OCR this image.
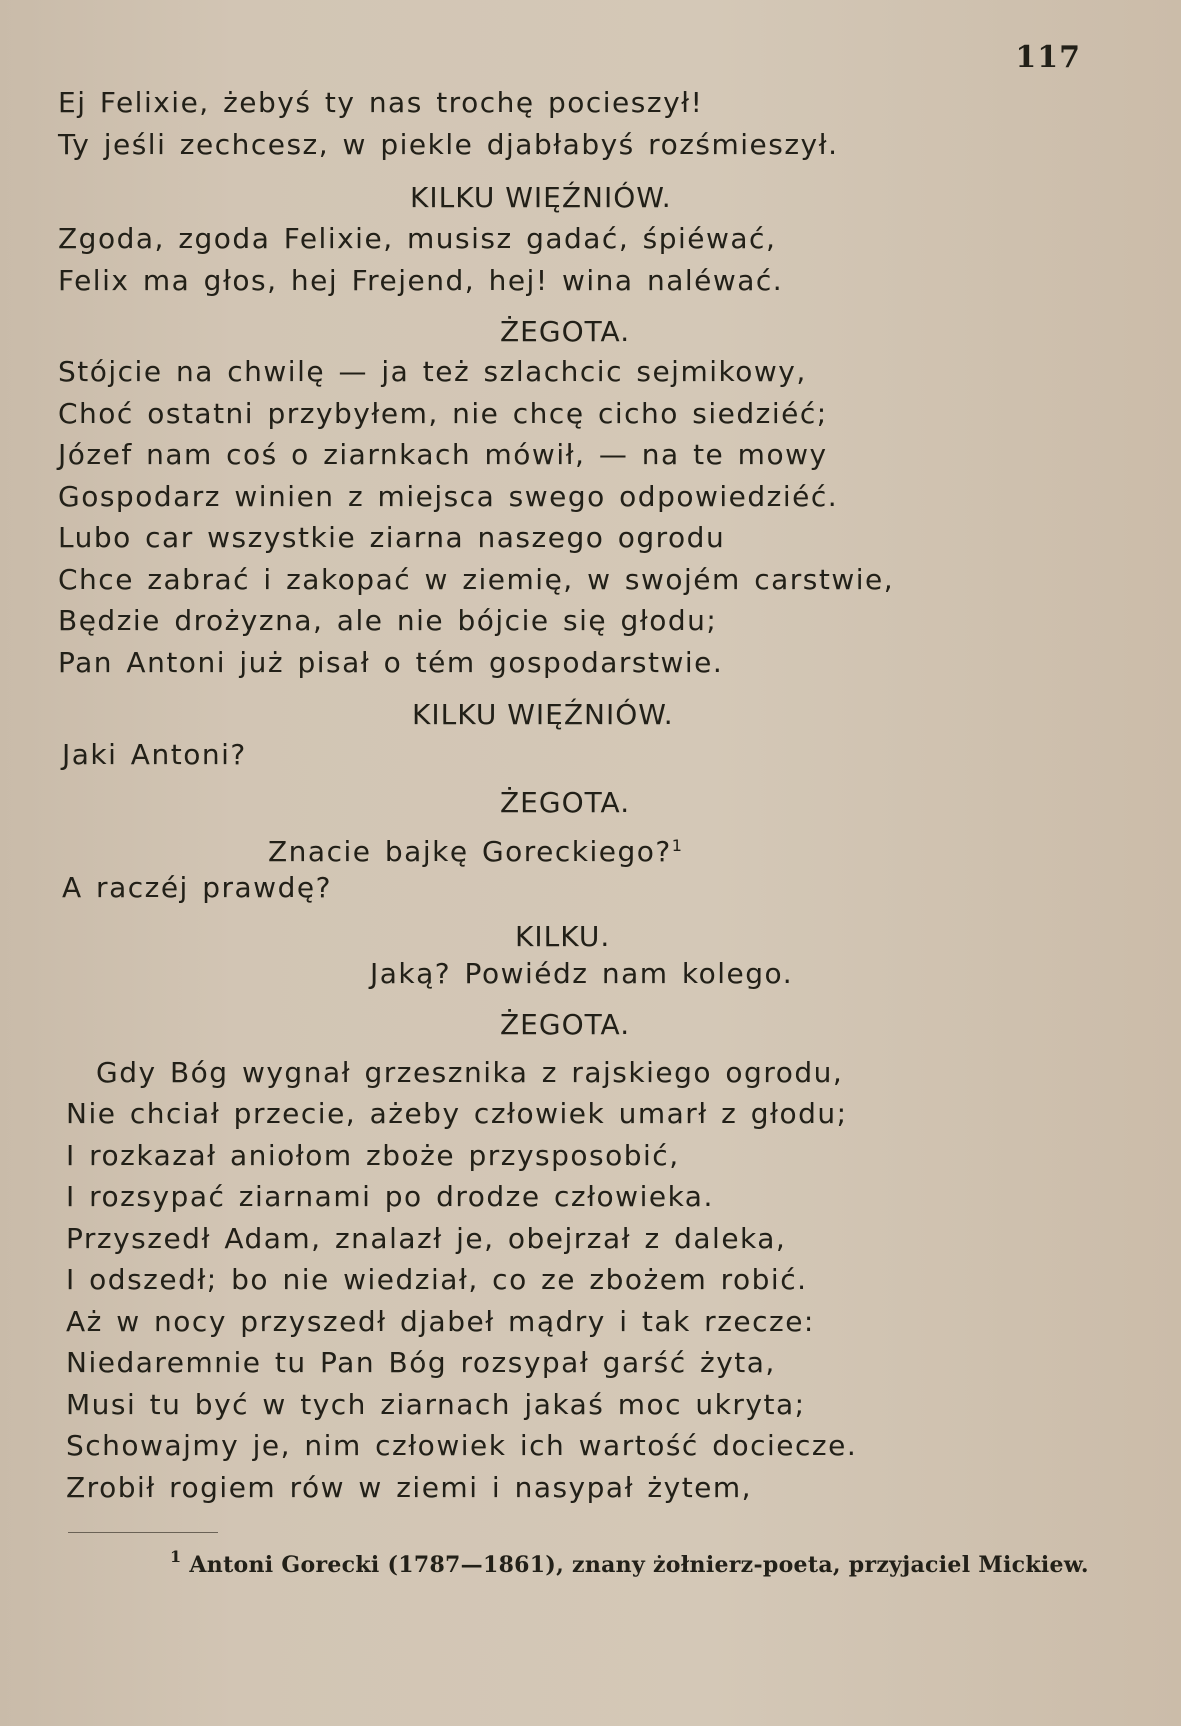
117
Ej Felixie, żebyś ty nas trochę pocieszył!
Ty jeśli zechcesz, w piekle djabłabyś rozśmieszył.
KILKU WIĘŹNIÓW.
Zgoda, zgoda Felixie, musisz gadać, śpiéwać,
Felix ma głos, hej Frejend, hej! wina naléwać.
ŻEGOTA.
Stójcie na chwilę — ja też szlachcic sejmikowy,
Choć ostatni przybyłem, nie chcę cicho siedziéć;
Józef nam coś o ziarnkach mówił, — na te mowy
Gospodarz winien z miejsca swego odpowiedziéć.
Lubo car wszystkie ziarna naszego ogrodu
Chce zabrać i zakopać w ziemię, w swojém carstwie,
Będzie drożyzna, ale nie bójcie się głodu;
Pan Antoni już pisał o tém gospodarstwie.
KILKU WIĘŹNIÓW.
Jaki Antoni?
ŻEGOTA.
Znacie bajkę Goreckiego?$^1$
A raczéj prawdę?
KILKU.
Jaką? Powiédz nam kolego.
ŻEGOTA.
Gdy Bóg wygnał grzesznika z rajskiego ogrodu,
Nie chciał przecie, ażeby człowiek umarł z głodu;
I rozkazał aniołom zboże przysposobić,
I rozsypać ziarnami po drodze człowieka.
Przyszedł Adam, znalazł je, obejrzał z daleka,
I odszedł; bo nie wiedział, co ze zbożem robić.
Aż w nocy przyszedł djabeł mądry i tak rzecze:
Niedaremnie tu Pan Bóg rozsypał garść żyta,
Musi tu być w tych ziarnach jakaś moc ukryta;
Schowajmy je, nim człowiek ich wartość dociecze.
Zrobił rogiem rów w ziemi i nasypał żytem,
$^1$ Antoni Gorecki (1787—1861), znany żołnierz-poeta, przyjaciel Mickiew.
